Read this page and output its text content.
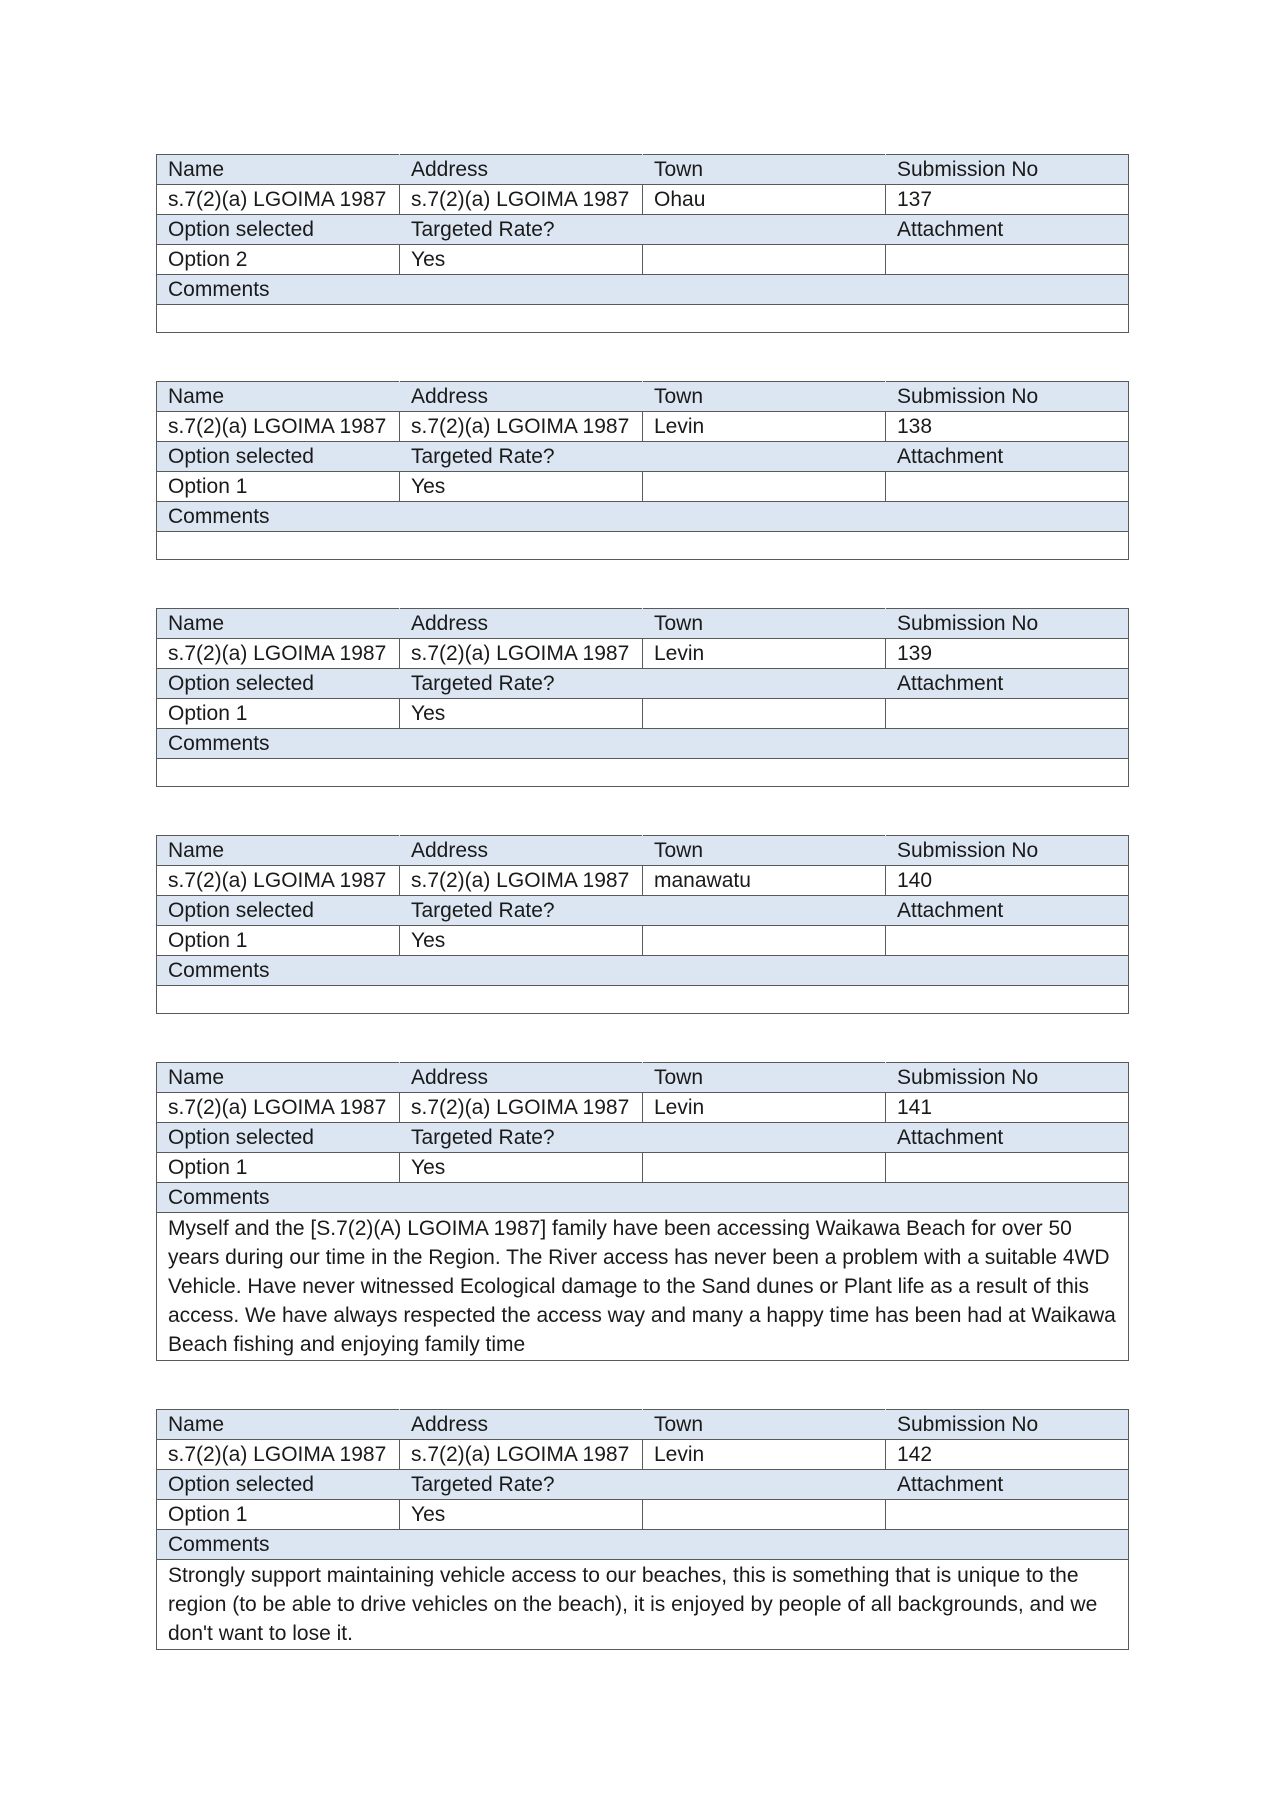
Name	Address	Town	Submission No
s.7(2)(a) LGOIMA 1987	s.7(2)(a) LGOIMA 1987	Ohau	137
Option selected	Targeted Rate?		Attachment
Option 2	Yes		
Comments			

Name	Address	Town	Submission No
s.7(2)(a) LGOIMA 1987	s.7(2)(a) LGOIMA 1987	Levin	138
Option selected	Targeted Rate?		Attachment
Option 1	Yes		
Comments			

Name	Address	Town	Submission No
s.7(2)(a) LGOIMA 1987	s.7(2)(a) LGOIMA 1987	Levin	139
Option selected	Targeted Rate?		Attachment
Option 1	Yes		
Comments			

Name	Address	Town	Submission No
s.7(2)(a) LGOIMA 1987	s.7(2)(a) LGOIMA 1987	manawatu	140
Option selected	Targeted Rate?		Attachment
Option 1	Yes		
Comments			

Name	Address	Town	Submission No
s.7(2)(a) LGOIMA 1987	s.7(2)(a) LGOIMA 1987	Levin	141
Option selected	Targeted Rate?		Attachment
Option 1	Yes		
Comments			
Myself and the [S.7(2)(A) LGOIMA 1987] family have been accessing Waikawa Beach for over 50 years during our time in the Region. The River access has never been a problem with a suitable 4WD Vehicle. Have never witnessed Ecological damage to the Sand dunes or Plant life as a result of this access. We have always respected the access way and many a happy time has been had at Waikawa Beach fishing and enjoying family time			
Name	Address	Town	Submission No
s.7(2)(a) LGOIMA 1987	s.7(2)(a) LGOIMA 1987	Levin	142
Option selected	Targeted Rate?		Attachment
Option 1	Yes		
Comments			
Strongly support maintaining vehicle access to our beaches, this is something that is unique to the region (to be able to drive vehicles on the beach), it is enjoyed by people of all backgrounds, and we don't want to lose it.			
